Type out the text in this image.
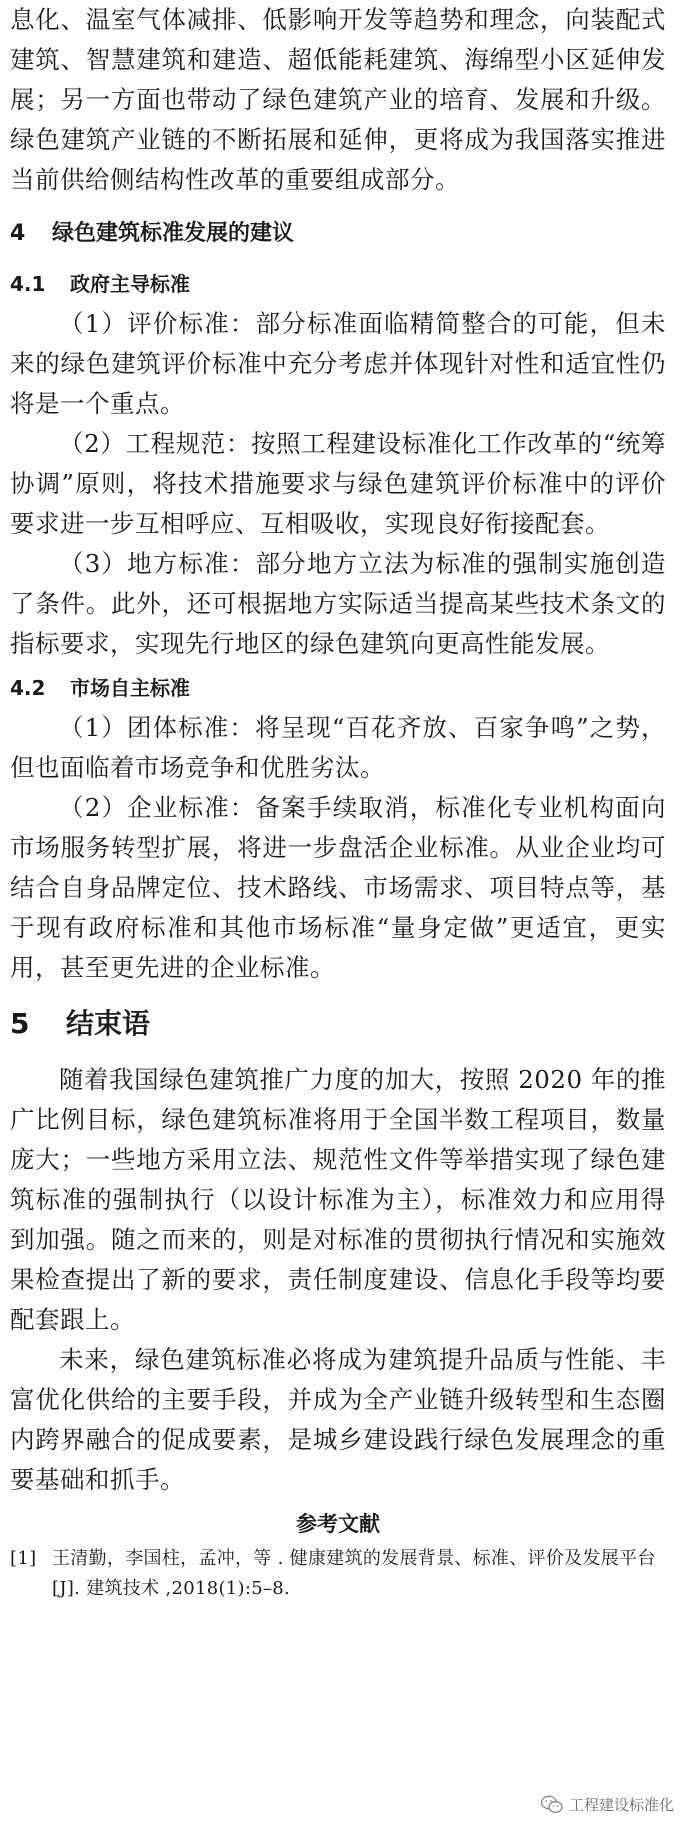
息化、温室气体减排、低影响开发等趋势和理念，向装配式建筑、智慧建筑和建造、超低能耗建筑、海绵型小区延伸发展；另一方面也带动了绿色建筑产业的培育、发展和升级。绿色建筑产业链的不断拓展和延伸，更将成为我国落实推进当前供给侧结构性改革的重要组成部分。

4 绿色建筑标准发展的建议
4.1 政府主导标准

（1）评价标准：部分标准面临精简整合的可能，但未来的绿色建筑评价标准中充分考虑并体现针对性和适宜性仍将是一个重点。

（2）工程规范：按照工程建设标准化工作改革的“统筹协调”原则，将技术措施要求与绿色建筑评价标准中的评价要求进一步互相呼应、互相吸收，实现良好衔接配套。

（3）地方标准：部分地方立法为标准的强制实施创造了条件。此外，还可根据地方实际适当提高某些技术条文的指标要求，实现先行地区的绿色建筑向更高性能发展。

4.2 市场自主标准

（1）团体标准：将呈现“百花齐放、百家争鸣”之势，但也面临着市场竞争和优胜劣汰。

（2）企业标准：备案手续取消，标准化专业机构面向市场服务转型扩展，将进一步盘活企业标准。从业企业均可结合自身品牌定位、技术路线、市场需求、项目特点等，基于现有政府标准和其他市场标准“量身定做”更适宜，更实用，甚至更先进的企业标准。

5 结束语

随着我国绿色建筑推广力度的加大，按照 2020 年的推广比例目标，绿色建筑标准将用于全国半数工程项目，数量庞大；一些地方采用立法、规范性文件等举措实现了绿色建筑标准的强制执行（以设计标准为主），标准效力和应用得到加强。随之而来的，则是对标准的贯彻执行情况和实施效果检查提出了新的要求，责任制度建设、信息化手段等均要配套跟上。

未来，绿色建筑标准必将成为建筑提升品质与性能、丰富优化供给的主要手段，并成为全产业链升级转型和生态圈内跨界融合的促成要素，是城乡建设践行绿色发展理念的重要基础和抓手。

参考文献
[1] 王清勤，李国柱，孟冲，等 . 健康建筑的发展背景、标准、评价及发展平台 [J]. 建筑技术 ,2018(1):5–8.
工程建设标准化
